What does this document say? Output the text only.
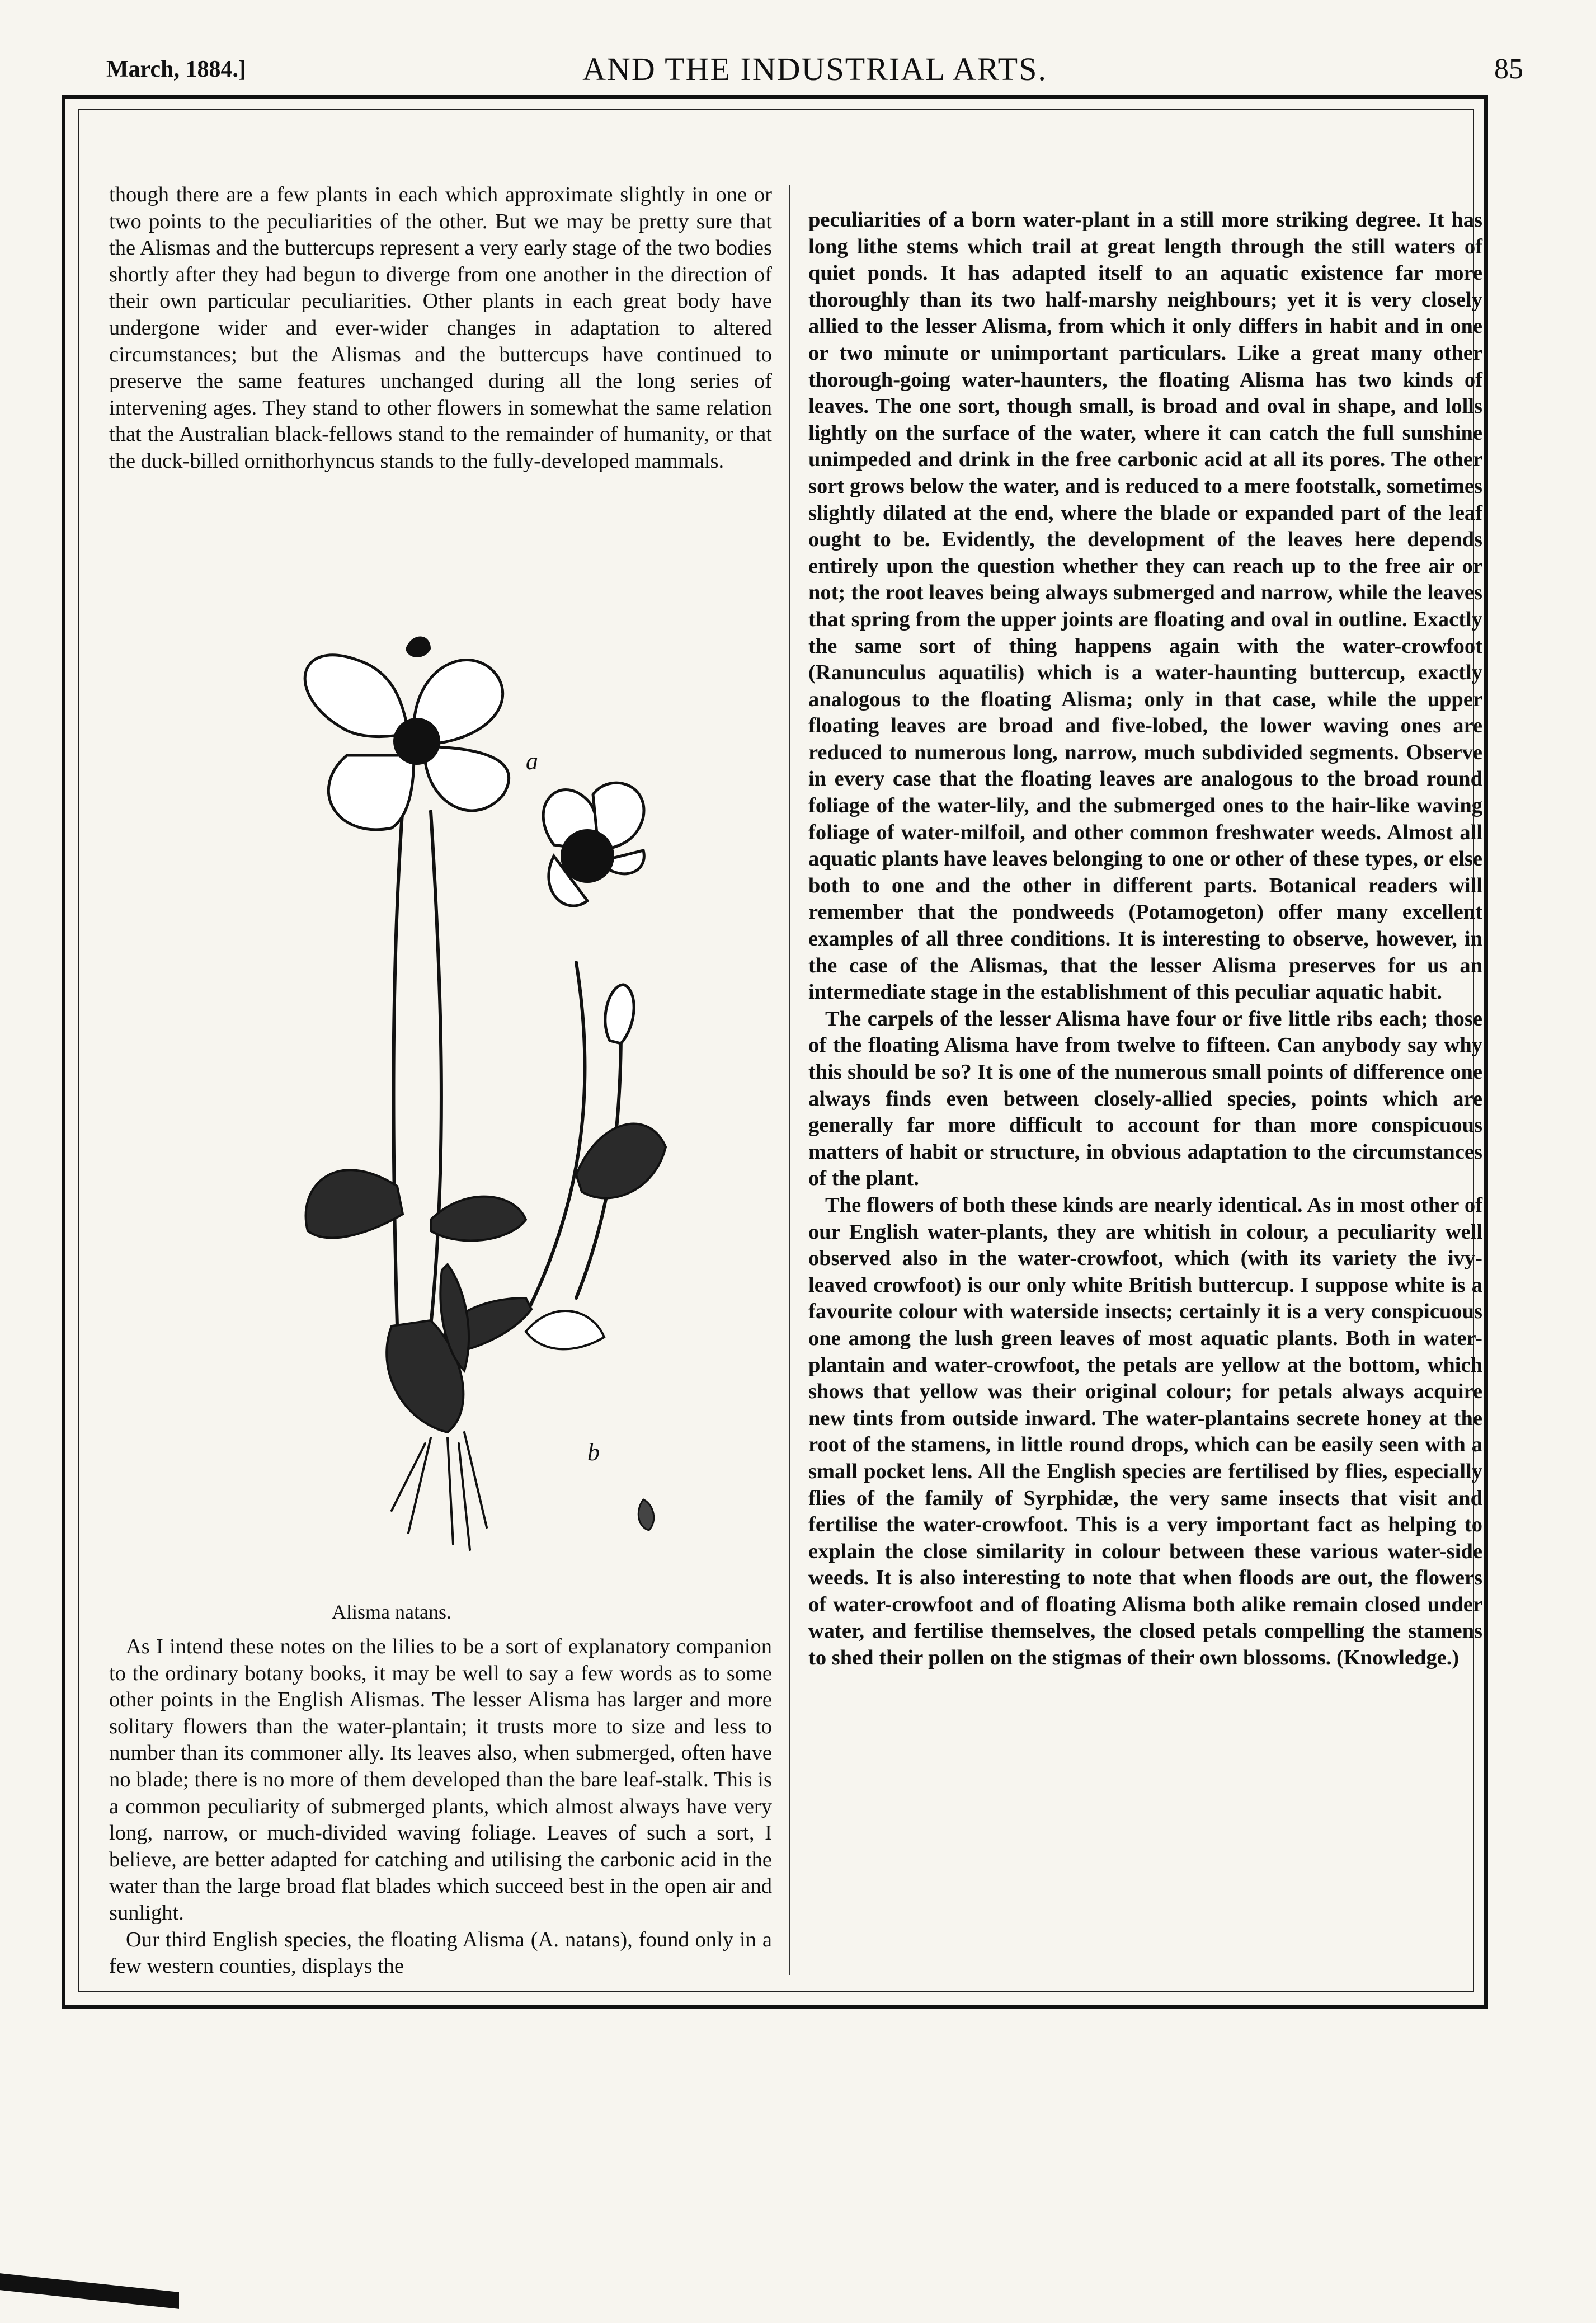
March, 1884.]	AND THE INDUSTRIAL ARTS.	85

though there are a few plants in each which approximate slightly in one or two points to the peculiarities of the other. But we may be pretty sure that the Alismas and the buttercups represent a very early stage of the two bodies shortly after they had begun to diverge from one another in the direction of their own particular peculiarities. Other plants in each great body have undergone wider and ever-wider changes in adaptation to altered circumstances; but the Alismas and the buttercups have continued to preserve the same features unchanged during all the long series of intervening ages. They stand to other flowers in somewhat the same relation that the Australian black-fellows stand to the remainder of humanity, or that the duck-billed ornithorhyncus stands to the fully-developed mammals.

a
b
Alisma natans.

As I intend these notes on the lilies to be a sort of explanatory companion to the ordinary botany books, it may be well to say a few words as to some other points in the English Alismas. The lesser Alisma has larger and more solitary flowers than the water-plantain; it trusts more to size and less to number than its commoner ally. Its leaves also, when submerged, often have no blade; there is no more of them developed than the bare leaf-stalk. This is a common peculiarity of submerged plants, which almost always have very long, narrow, or much-divided waving foliage. Leaves of such a sort, I believe, are better adapted for catching and utilising the carbonic acid in the water than the large broad flat blades which succeed best in the open air and sunlight.

Our third English species, the floating Alisma (A. natans), found only in a few western counties, displays the

peculiarities of a born water-plant in a still more striking degree. It has long lithe stems which trail at great length through the still waters of quiet ponds. It has adapted itself to an aquatic existence far more thoroughly than its two half-marshy neighbours; yet it is very closely allied to the lesser Alisma, from which it only differs in habit and in one or two minute or unimportant particulars. Like a great many other thorough-going water-haunters, the floating Alisma has two kinds of leaves. The one sort, though small, is broad and oval in shape, and lolls lightly on the surface of the water, where it can catch the full sunshine unimpeded and drink in the free carbonic acid at all its pores. The other sort grows below the water, and is reduced to a mere footstalk, sometimes slightly dilated at the end, where the blade or expanded part of the leaf ought to be. Evidently, the development of the leaves here depends entirely upon the question whether they can reach up to the free air or not; the root leaves being always submerged and narrow, while the leaves that spring from the upper joints are floating and oval in outline. Exactly the same sort of thing happens again with the water-crowfoot (Ranunculus aquatilis) which is a water-haunting buttercup, exactly analogous to the floating Alisma; only in that case, while the upper floating leaves are broad and five-lobed, the lower waving ones are reduced to numerous long, narrow, much subdivided segments. Observe in every case that the floating leaves are analogous to the broad round foliage of the water-lily, and the submerged ones to the hair-like waving foliage of water-milfoil, and other common freshwater weeds. Almost all aquatic plants have leaves belonging to one or other of these types, or else both to one and the other in different parts. Botanical readers will remember that the pondweeds (Potamogeton) offer many excellent examples of all three conditions. It is interesting to observe, however, in the case of the Alismas, that the lesser Alisma preserves for us an intermediate stage in the establishment of this peculiar aquatic habit.

The carpels of the lesser Alisma have four or five little ribs each; those of the floating Alisma have from twelve to fifteen. Can anybody say why this should be so? It is one of the numerous small points of difference one always finds even between closely-allied species, points which are generally far more difficult to account for than more conspicuous matters of habit or structure, in obvious adaptation to the circumstances of the plant.

The flowers of both these kinds are nearly identical. As in most other of our English water-plants, they are whitish in colour, a peculiarity well observed also in the water-crowfoot, which (with its variety the ivy-leaved crowfoot) is our only white British buttercup. I suppose white is a favourite colour with waterside insects; certainly it is a very conspicuous one among the lush green leaves of most aquatic plants. Both in water-plantain and water-crowfoot, the petals are yellow at the bottom, which shows that yellow was their original colour; for petals always acquire new tints from outside inward. The water-plantains secrete honey at the root of the stamens, in little round drops, which can be easily seen with a small pocket lens. All the English species are fertilised by flies, especially flies of the family of Syrphidæ, the very same insects that visit and fertilise the water-crowfoot. This is a very important fact as helping to explain the close similarity in colour between these various water-side weeds. It is also interesting to note that when floods are out, the flowers of water-crowfoot and of floating Alisma both alike remain closed under water, and fertilise themselves, the closed petals compelling the stamens to shed their pollen on the stigmas of their own blossoms. (Knowledge.)
